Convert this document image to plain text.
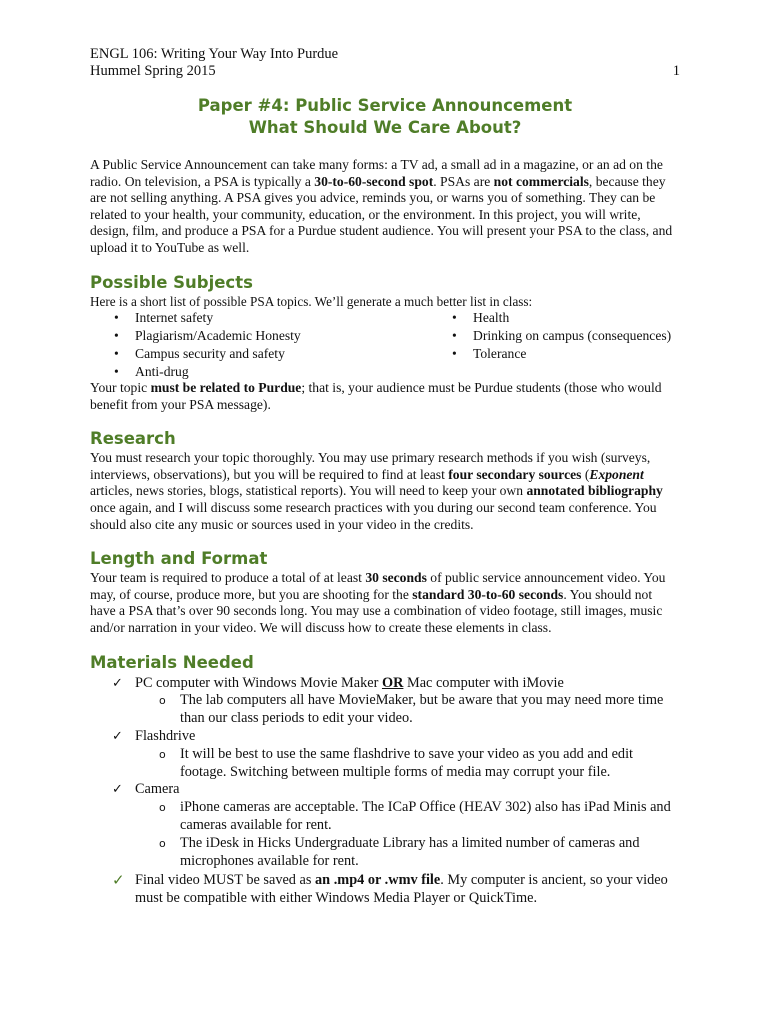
ENGL 106: Writing Your Way Into Purdue
Hummel Spring 2015	1
Paper #4: Public Service Announcement
What Should We Care About?

A Public Service Announcement can take many forms: a TV ad, a small ad in a magazine, or an ad on the radio. On television, a PSA is typically a 30-to-60-second spot. PSAs are not commercials, because they are not selling anything. A PSA gives you advice, reminds you, or warns you of something. They can be related to your health, your community, education, or the environment. In this project, you will write, design, film, and produce a PSA for a Purdue student audience. You will present your PSA to the class, and upload it to YouTube as well.

Possible Subjects

Here is a short list of possible PSA topics. We’ll generate a much better list in class:

• Internet safety	• Health
• Plagiarism/Academic Honesty	• Drinking on campus (consequences)
• Campus security and safety	• Tolerance
• Anti-drug

Your topic must be related to Purdue; that is, your audience must be Purdue students (those who would benefit from your PSA message).

Research

You must research your topic thoroughly. You may use primary research methods if you wish (surveys, interviews, observations), but you will be required to find at least four secondary sources (Exponent articles, news stories, blogs, statistical reports). You will need to keep your own annotated bibliography once again, and I will discuss some research practices with you during our second team conference. You should also cite any music or sources used in your video in the credits.

Length and Format

Your team is required to produce a total of at least 30 seconds of public service announcement video. You may, of course, produce more, but you are shooting for the standard 30-to-60 seconds. You should not have a PSA that’s over 90 seconds long. You may use a combination of video footage, still images, music and/or narration in your video. We will discuss how to create these elements in class.

Materials Needed
✓ PC computer with Windows Movie Maker OR Mac computer with iMovie
o The lab computers all have MovieMaker, but be aware that you may need more time than our class periods to edit your video.
✓ Flashdrive
o It will be best to use the same flashdrive to save your video as you add and edit footage. Switching between multiple forms of media may corrupt your file.
✓ Camera
o iPhone cameras are acceptable. The ICaP Office (HEAV 302) also has iPad Minis and cameras available for rent.
o The iDesk in Hicks Undergraduate Library has a limited number of cameras and microphones available for rent.
✓ Final video MUST be saved as an .mp4 or .wmv file. My computer is ancient, so your video must be compatible with either Windows Media Player or QuickTime.
